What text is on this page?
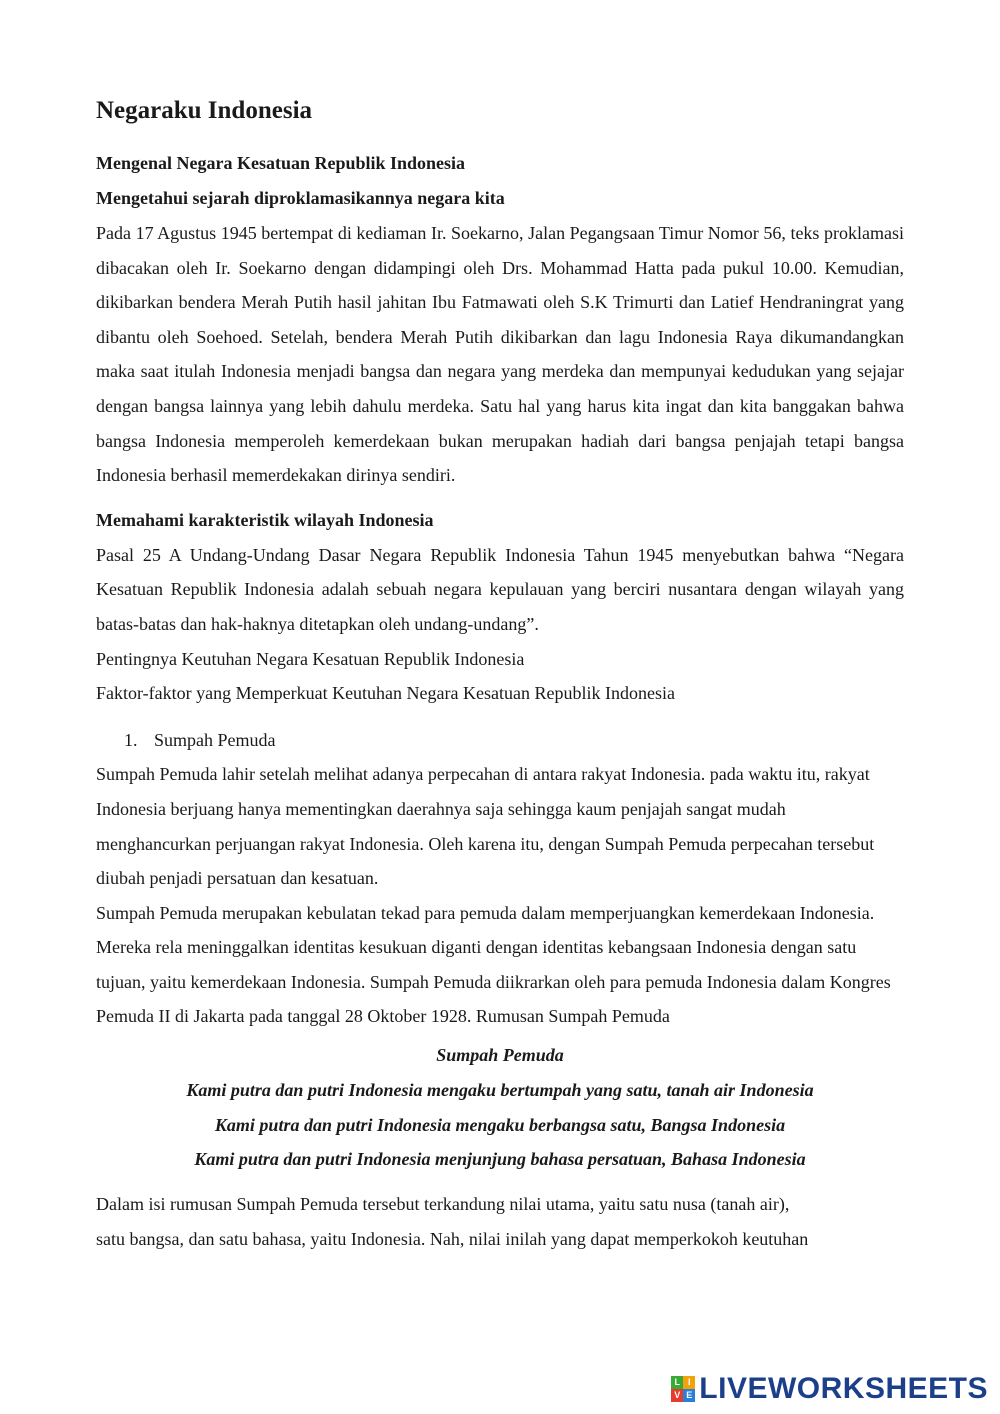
Negaraku Indonesia
Mengenal Negara Kesatuan Republik Indonesia
Mengetahui sejarah diproklamasikannya negara kita

Pada 17 Agustus 1945 bertempat di kediaman Ir. Soekarno, Jalan Pegangsaan Timur Nomor 56, teks proklamasi dibacakan oleh Ir. Soekarno dengan didampingi oleh Drs. Mohammad Hatta pada pukul 10.00. Kemudian, dikibarkan bendera Merah Putih hasil jahitan Ibu Fatmawati oleh S.K Trimurti dan Latief Hendraningrat yang dibantu oleh Soehoed. Setelah, bendera Merah Putih dikibarkan dan lagu Indonesia Raya dikumandangkan maka saat itulah Indonesia menjadi bangsa dan negara yang merdeka dan mempunyai kedudukan yang sejajar dengan bangsa lainnya yang lebih dahulu merdeka. Satu hal yang harus kita ingat dan kita banggakan bahwa bangsa Indonesia memperoleh kemerdekaan bukan merupakan hadiah dari bangsa penjajah tetapi bangsa Indonesia berhasil memerdekakan dirinya sendiri.

Memahami karakteristik wilayah Indonesia

Pasal 25 A Undang-Undang Dasar Negara Republik Indonesia Tahun 1945 menyebutkan bahwa “Negara Kesatuan Republik Indonesia adalah sebuah negara kepulauan yang berciri nusantara dengan wilayah yang batas-batas dan hak-haknya ditetapkan oleh undang-undang”.

Pentingnya Keutuhan Negara Kesatuan Republik Indonesia

Faktor-faktor yang Memperkuat Keutuhan Negara Kesatuan Republik Indonesia

1. Sumpah Pemuda

Sumpah Pemuda lahir setelah melihat adanya perpecahan di antara rakyat Indonesia. pada waktu itu, rakyat Indonesia berjuang hanya mementingkan daerahnya saja sehingga kaum penjajah sangat mudah menghancurkan perjuangan rakyat Indonesia. Oleh karena itu, dengan Sumpah Pemuda perpecahan tersebut diubah penjadi persatuan dan kesatuan.

Sumpah Pemuda merupakan kebulatan tekad para pemuda dalam memperjuangkan kemerdekaan Indonesia. Mereka rela meninggalkan identitas kesukuan diganti dengan identitas kebangsaan Indonesia dengan satu tujuan, yaitu kemerdekaan Indonesia. Sumpah Pemuda diikrarkan oleh para pemuda Indonesia dalam Kongres Pemuda II di Jakarta pada tanggal 28 Oktober 1928. Rumusan Sumpah Pemuda

Sumpah Pemuda
Kami putra dan putri Indonesia mengaku bertumpah yang satu, tanah air Indonesia
Kami putra dan putri Indonesia mengaku berbangsa satu, Bangsa Indonesia
Kami putra dan putri Indonesia menjunjung bahasa persatuan, Bahasa Indonesia

Dalam isi rumusan Sumpah Pemuda tersebut terkandung nilai utama, yaitu satu nusa (tanah air),

satu bangsa, dan satu bahasa, yaitu Indonesia. Nah, nilai inilah yang dapat memperkokoh keutuhan

L I
V E LIVEWORKSHEETS
